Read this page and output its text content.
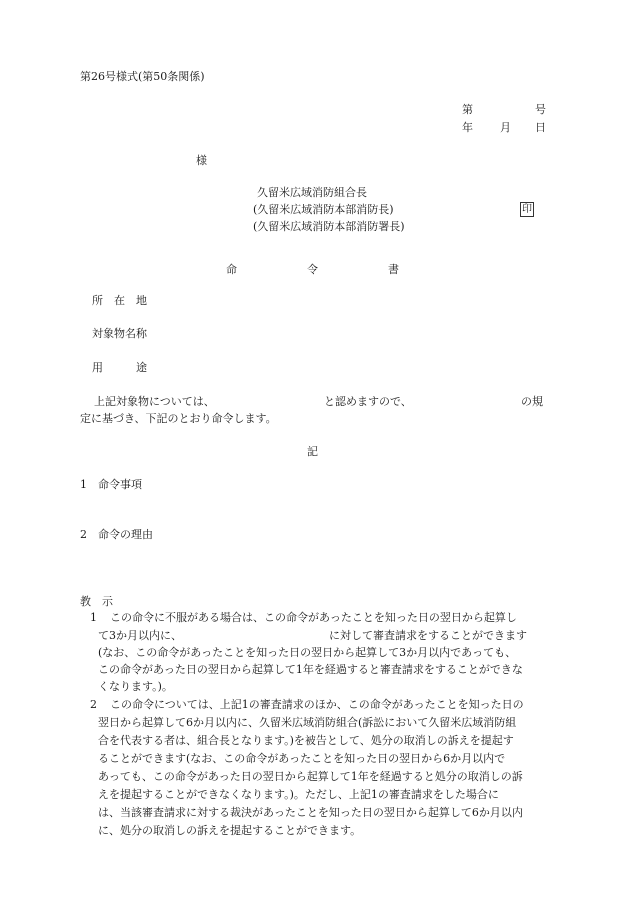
第26号様式(第50条関係)
第	号
年 月 日
様
久留米広域消防組合長
(久留米広域消防本部消防長)
(久留米広域消防本部消防署長)
印
命	令	書
所　在　地
対象物名称
用　　　途
上記対象物については、	と認めますので、	の規
定に基づき、下記のとおり命令します。
記
1　命令事項
2　命令の理由
教　示
1 この命令に不服がある場合は、この命令があったことを知った日の翌日から起算し
て3か月以内に、	に対して審査請求をすることができます
(なお、この命令があったことを知った日の翌日から起算して3か月以内であっても、
この命令があった日の翌日から起算して1年を経過すると審査請求をすることができな
くなります。)。
2 この命令については、上記1の審査請求のほか、この命令があったことを知った日の
翌日から起算して6か月以内に、久留米広域消防組合(訴訟において久留米広域消防組
合を代表する者は、組合長となります。)を被告として、処分の取消しの訴えを提起す
ることができます(なお、この命令があったことを知った日の翌日から6か月以内で
あっても、この命令があった日の翌日から起算して1年を経過すると処分の取消しの訴
えを提起することができなくなります。)。ただし、上記1の審査請求をした場合に
は、当該審査請求に対する裁決があったことを知った日の翌日から起算して6か月以内
に、処分の取消しの訴えを提起することができます。
